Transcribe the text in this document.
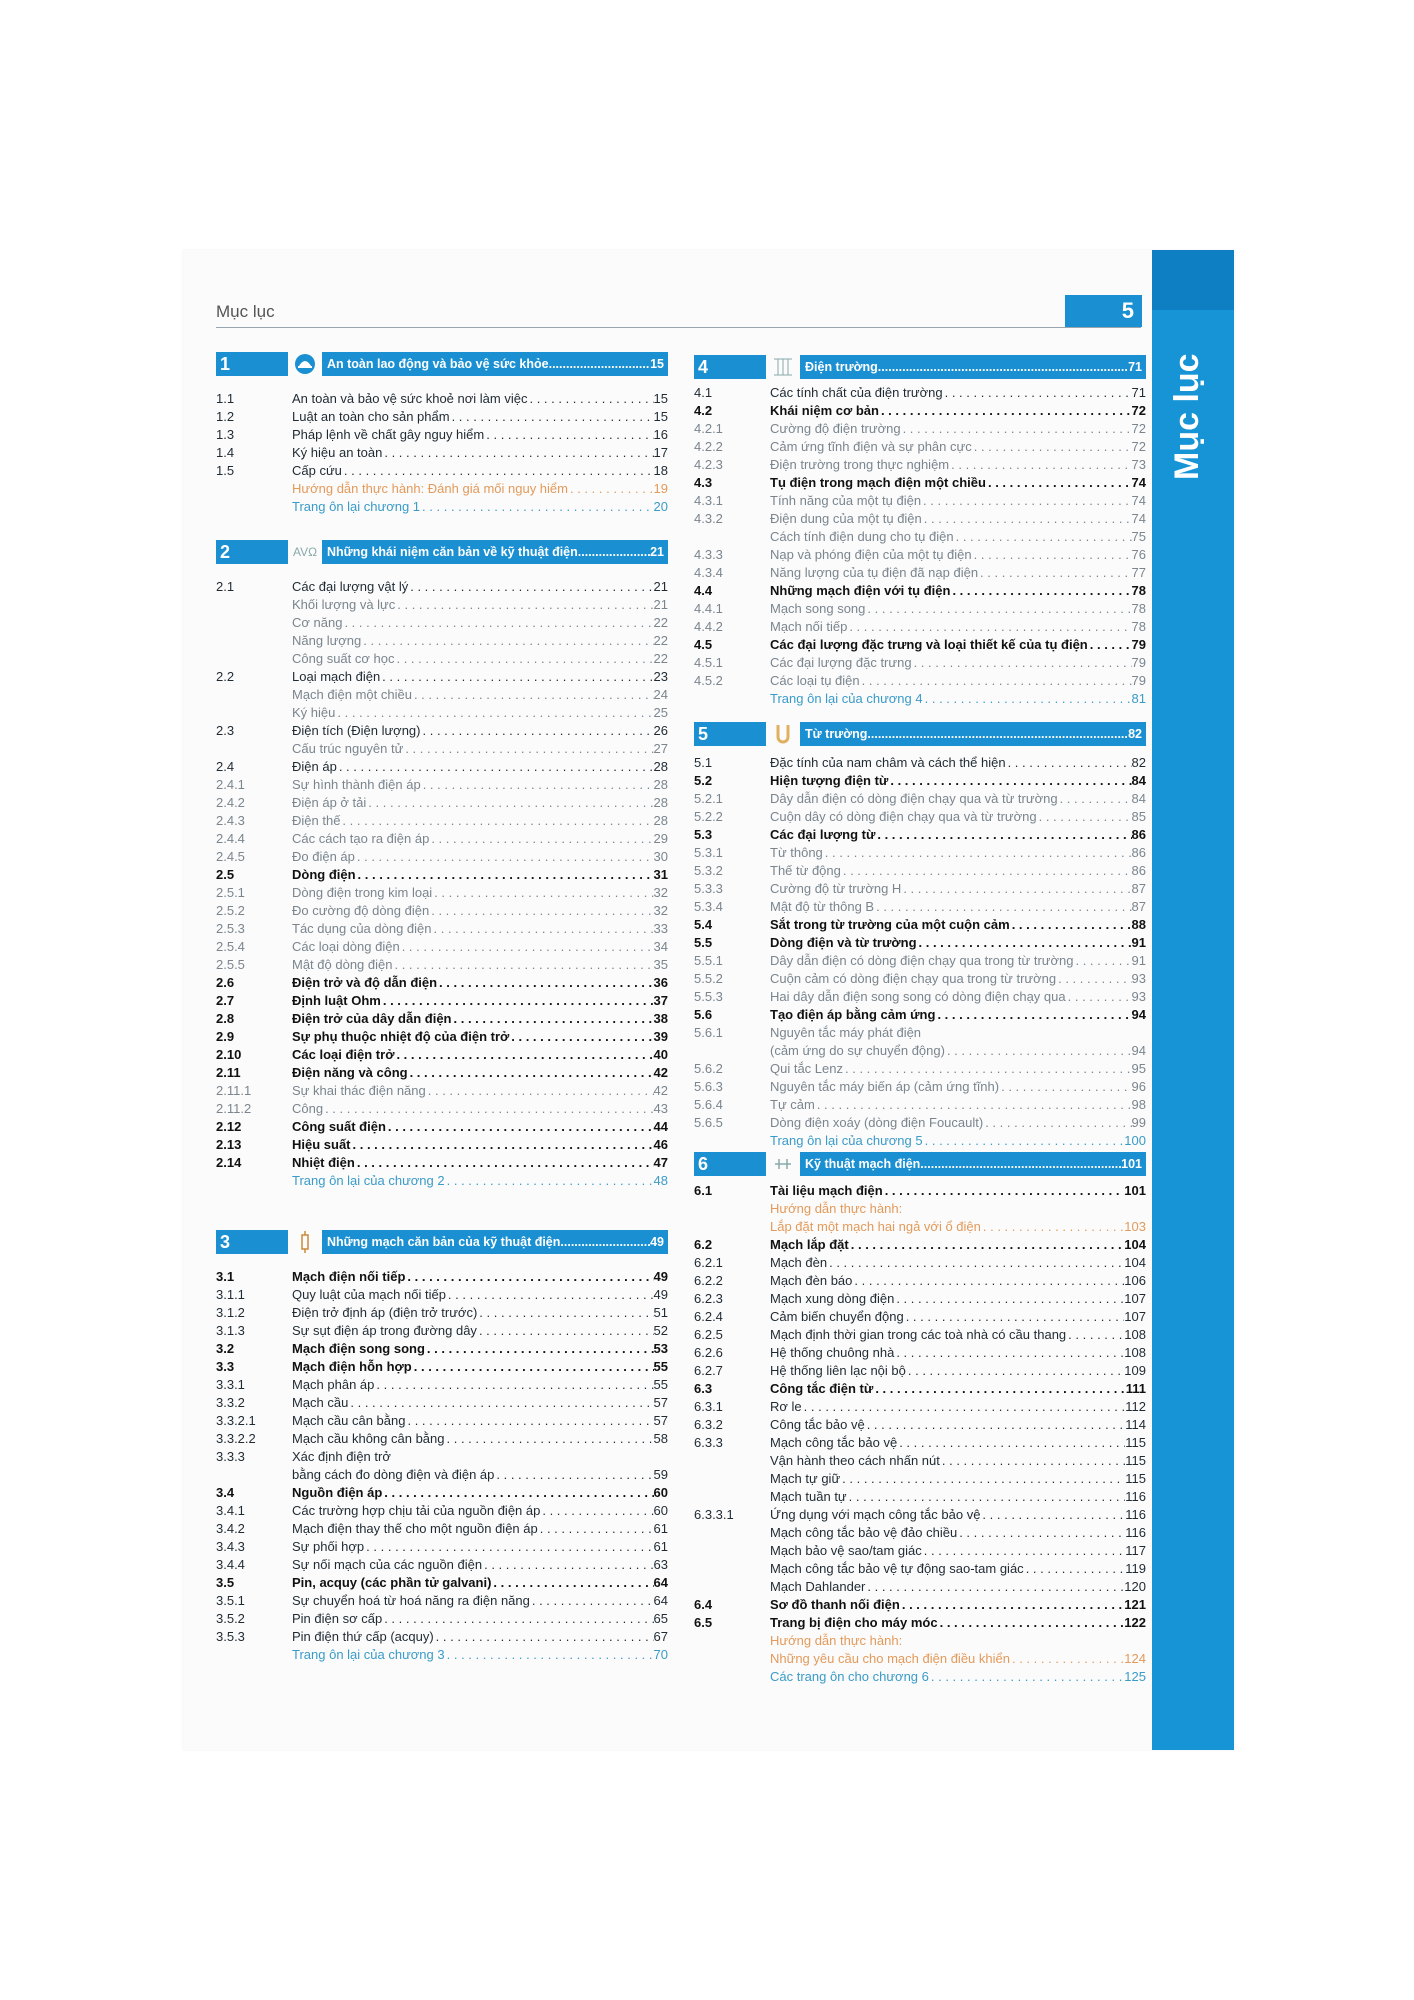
Mục lục
Mục lục	5
1	An toàn lao động và bảo vệ sức khỏe .....	15
1.1	An toàn và bảo vệ sức khoẻ nơi làm việc . . .	15
1.2	Luật an toàn cho sản phẩm . . .	15
1.3	Pháp lệnh về chất gây nguy hiểm . . .	16
1.4	Ký hiệu an toàn . . .	17
1.5	Cấp cứu . . .	18
Hướng dẫn thực hành: Đánh giá mối nguy hiểm . . .	19
Trang ôn lại chương 1 . . .	20
2	AVΩ Những khái niệm căn bản về kỹ thuật điện .....	21
2.1	Các đại lượng vật lý . . .	21
Khối lượng và lực . . .	21
Cơ năng . . .	22
Năng lượng . . .	22
Công suất cơ học . . .	22
2.2	Loại mạch điện . . .	23
Mạch điện một chiều . . .	24
Ký hiệu . . .	25
2.3	Điện tích (Điện lượng) . . .	26
Cấu trúc nguyên tử . . .	27
2.4	Điện áp . . .	28
2.4.1	Sự hình thành điện áp . . .	28
2.4.2	Điện áp ở tải . . .	28
2.4.3	Điện thế . . .	28
2.4.4	Các cách tạo ra điện áp . . .	29
2.4.5	Đo điện áp . . .	30
2.5	Dòng điện . . .	31
2.5.1	Dòng điện trong kim loại . . .	32
2.5.2	Đo cường độ dòng điện . . .	32
2.5.3	Tác dụng của dòng điện . . .	33
2.5.4	Các loại dòng điện . . .	34
2.5.5	Mật độ dòng điện . . .	35
2.6	Điện trở và độ dẫn điện . . .	36
2.7	Định luật Ohm . . .	37
2.8	Điện trở của dây dẫn điện . . .	38
2.9	Sự phụ thuộc nhiệt độ của điện trở . . .	39
2.10	Các loại điện trở . . .	40
2.11	Điện năng và công . . .	42
2.11.1	Sự khai thác điện năng . . .	42
2.11.2	Công . . .	43
2.12	Công suất điện . . .	44
2.13	Hiệu suất . . .	46
2.14	Nhiệt điện . . .	47
Trang ôn lại của chương 2 . . .	48
3	Những mạch căn bản của kỹ thuật điện .....	49
3.1	Mạch điện nối tiếp . . .	49
3.1.1	Quy luật của mạch nối tiếp . . .	49
3.1.2	Điện trở định áp (điện trở trước) . . .	51
3.1.3	Sự sụt điện áp trong đường dây . . .	52
3.2	Mạch điện song song . . .	53
3.3	Mạch điện hỗn hợp . . .	55
3.3.1	Mạch phân áp . . .	55
3.3.2	Mạch cầu . . .	57
3.3.2.1	Mạch cầu cân bằng . . .	57
3.3.2.2	Mạch cầu không cân bằng . . .	58
3.3.3	Xác định điện trở
bằng cách đo dòng điện và điện áp . . .	59
3.4	Nguồn điện áp . . .	60
3.4.1	Các trường hợp chịu tải của nguồn điện áp . . .	60
3.4.2	Mạch điện thay thế cho một nguồn điện áp . . .	61
3.4.3	Sự phối hợp . . .	61
3.4.4	Sự nối mạch của các nguồn điện . . .	63
3.5	Pin, acquy (các phần tử galvani) . . .	64
3.5.1	Sự chuyển hoá từ hoá năng ra điện năng . . .	64
3.5.2	Pin điện sơ cấp . . .	65
3.5.3	Pin điện thứ cấp (acquy) . . .	67
Trang ôn lại của chương 3 . . .	70
4	Điện trường .....	71
4.1	Các tính chất của điện trường . . .	71
4.2	Khái niệm cơ bản . . .	72
4.2.1	Cường độ điện trường . . .	72
4.2.2	Cảm ứng tĩnh điện và sự phân cực . . .	72
4.2.3	Điện trường trong thực nghiệm . . .	73
4.3	Tụ điện trong mạch điện một chiều . . .	74
4.3.1	Tính năng của một tụ điện . . .	74
4.3.2	Điện dung của một tụ điện . . .	74
Cách tính điện dung cho tụ điện . . .	75
4.3.3	Nạp và phóng điện của một tụ điện . . .	76
4.3.4	Năng lượng của tụ điện đã nạp điện . . .	77
4.4	Những mạch điện với tụ điện . . .	78
4.4.1	Mạch song song . . .	78
4.4.2	Mạch nối tiếp . . .	78
4.5	Các đại lượng đặc trưng và loại thiết kế của tụ điện . . .	79
4.5.1	Các đại lượng đặc trưng . . .	79
4.5.2	Các loại tụ điện . . .	79
Trang ôn lại của chương 4 . . .	81
5	Từ trường .....	82
5.1	Đặc tính của nam châm và cách thể hiện . . .	82
5.2	Hiện tượng điện từ . . .	84
5.2.1	Dây dẫn điện có dòng điện chạy qua và từ trường . . .	84
5.2.2	Cuộn dây có dòng điện chạy qua và từ trường . . .	85
5.3	Các đại lượng từ . . .	86
5.3.1	Từ thông . . .	86
5.3.2	Thế từ động . . .	86
5.3.3	Cường độ từ trường H . . .	87
5.3.4	Mật độ từ thông B . . .	87
5.4	Sắt trong từ trường của một cuộn cảm . . .	88
5.5	Dòng điện và từ trường . . .	91
5.5.1	Dây dẫn điện có dòng điện chạy qua trong từ trường . . .	91
5.5.2	Cuộn cảm có dòng điện chạy qua trong từ trường . . .	93
5.5.3	Hai dây dẫn điện song song có dòng điện chạy qua . . .	93
5.6	Tạo điện áp bằng cảm ứng . . .	94
5.6.1	Nguyên tắc máy phát điện
(cảm ứng do sự chuyển động) . . .	94
5.6.2	Qui tắc Lenz . . .	95
5.6.3	Nguyên tắc máy biến áp (cảm ứng tĩnh) . . .	96
5.6.4	Tự cảm . . .	98
5.6.5	Dòng điện xoáy (dòng điện Foucault) . . .	99
Trang ôn lại của chương 5 . . .	100
6	Kỹ thuật mạch điện .....	101
6.1	Tài liệu mạch điện . . .	101
Hướng dẫn thực hành:
Lắp đặt một mạch hai ngả với ổ điện . . .	103
6.2	Mạch lắp đặt . . .	104
6.2.1	Mạch đèn . . .	104
6.2.2	Mạch đèn báo . . .	106
6.2.3	Mạch xung dòng điện . . .	107
6.2.4	Cảm biến chuyển động . . .	107
6.2.5	Mạch định thời gian trong các toà nhà có cầu thang . . .	108
6.2.6	Hệ thống chuông nhà . . .	108
6.2.7	Hệ thống liên lạc nội bộ . . .	109
6.3	Công tắc điện từ . . .	111
6.3.1	Rơ le . . .	112
6.3.2	Công tắc bảo vệ . . .	114
6.3.3	Mạch công tắc bảo vệ . . .	115
Vận hành theo cách nhấn nút . . .	115
Mạch tự giữ . . .	115
Mạch tuần tự . . .	116
6.3.3.1	Ứng dụng với mạch công tắc bảo vệ . . .	116
Mạch công tắc bảo vệ đảo chiều . . .	116
Mạch bảo vệ sao/tam giác . . .	117
Mạch công tắc bảo vệ tự động sao-tam giác . . .	119
Mạch Dahlander . . .	120
6.4	Sơ đồ thanh nối điện . . .	121
6.5	Trang bị điện cho máy móc . . .	122
Hướng dẫn thực hành:
Những yêu cầu cho mạch điện điều khiển . . .	124
Các trang ôn cho chương 6 . . .	125
